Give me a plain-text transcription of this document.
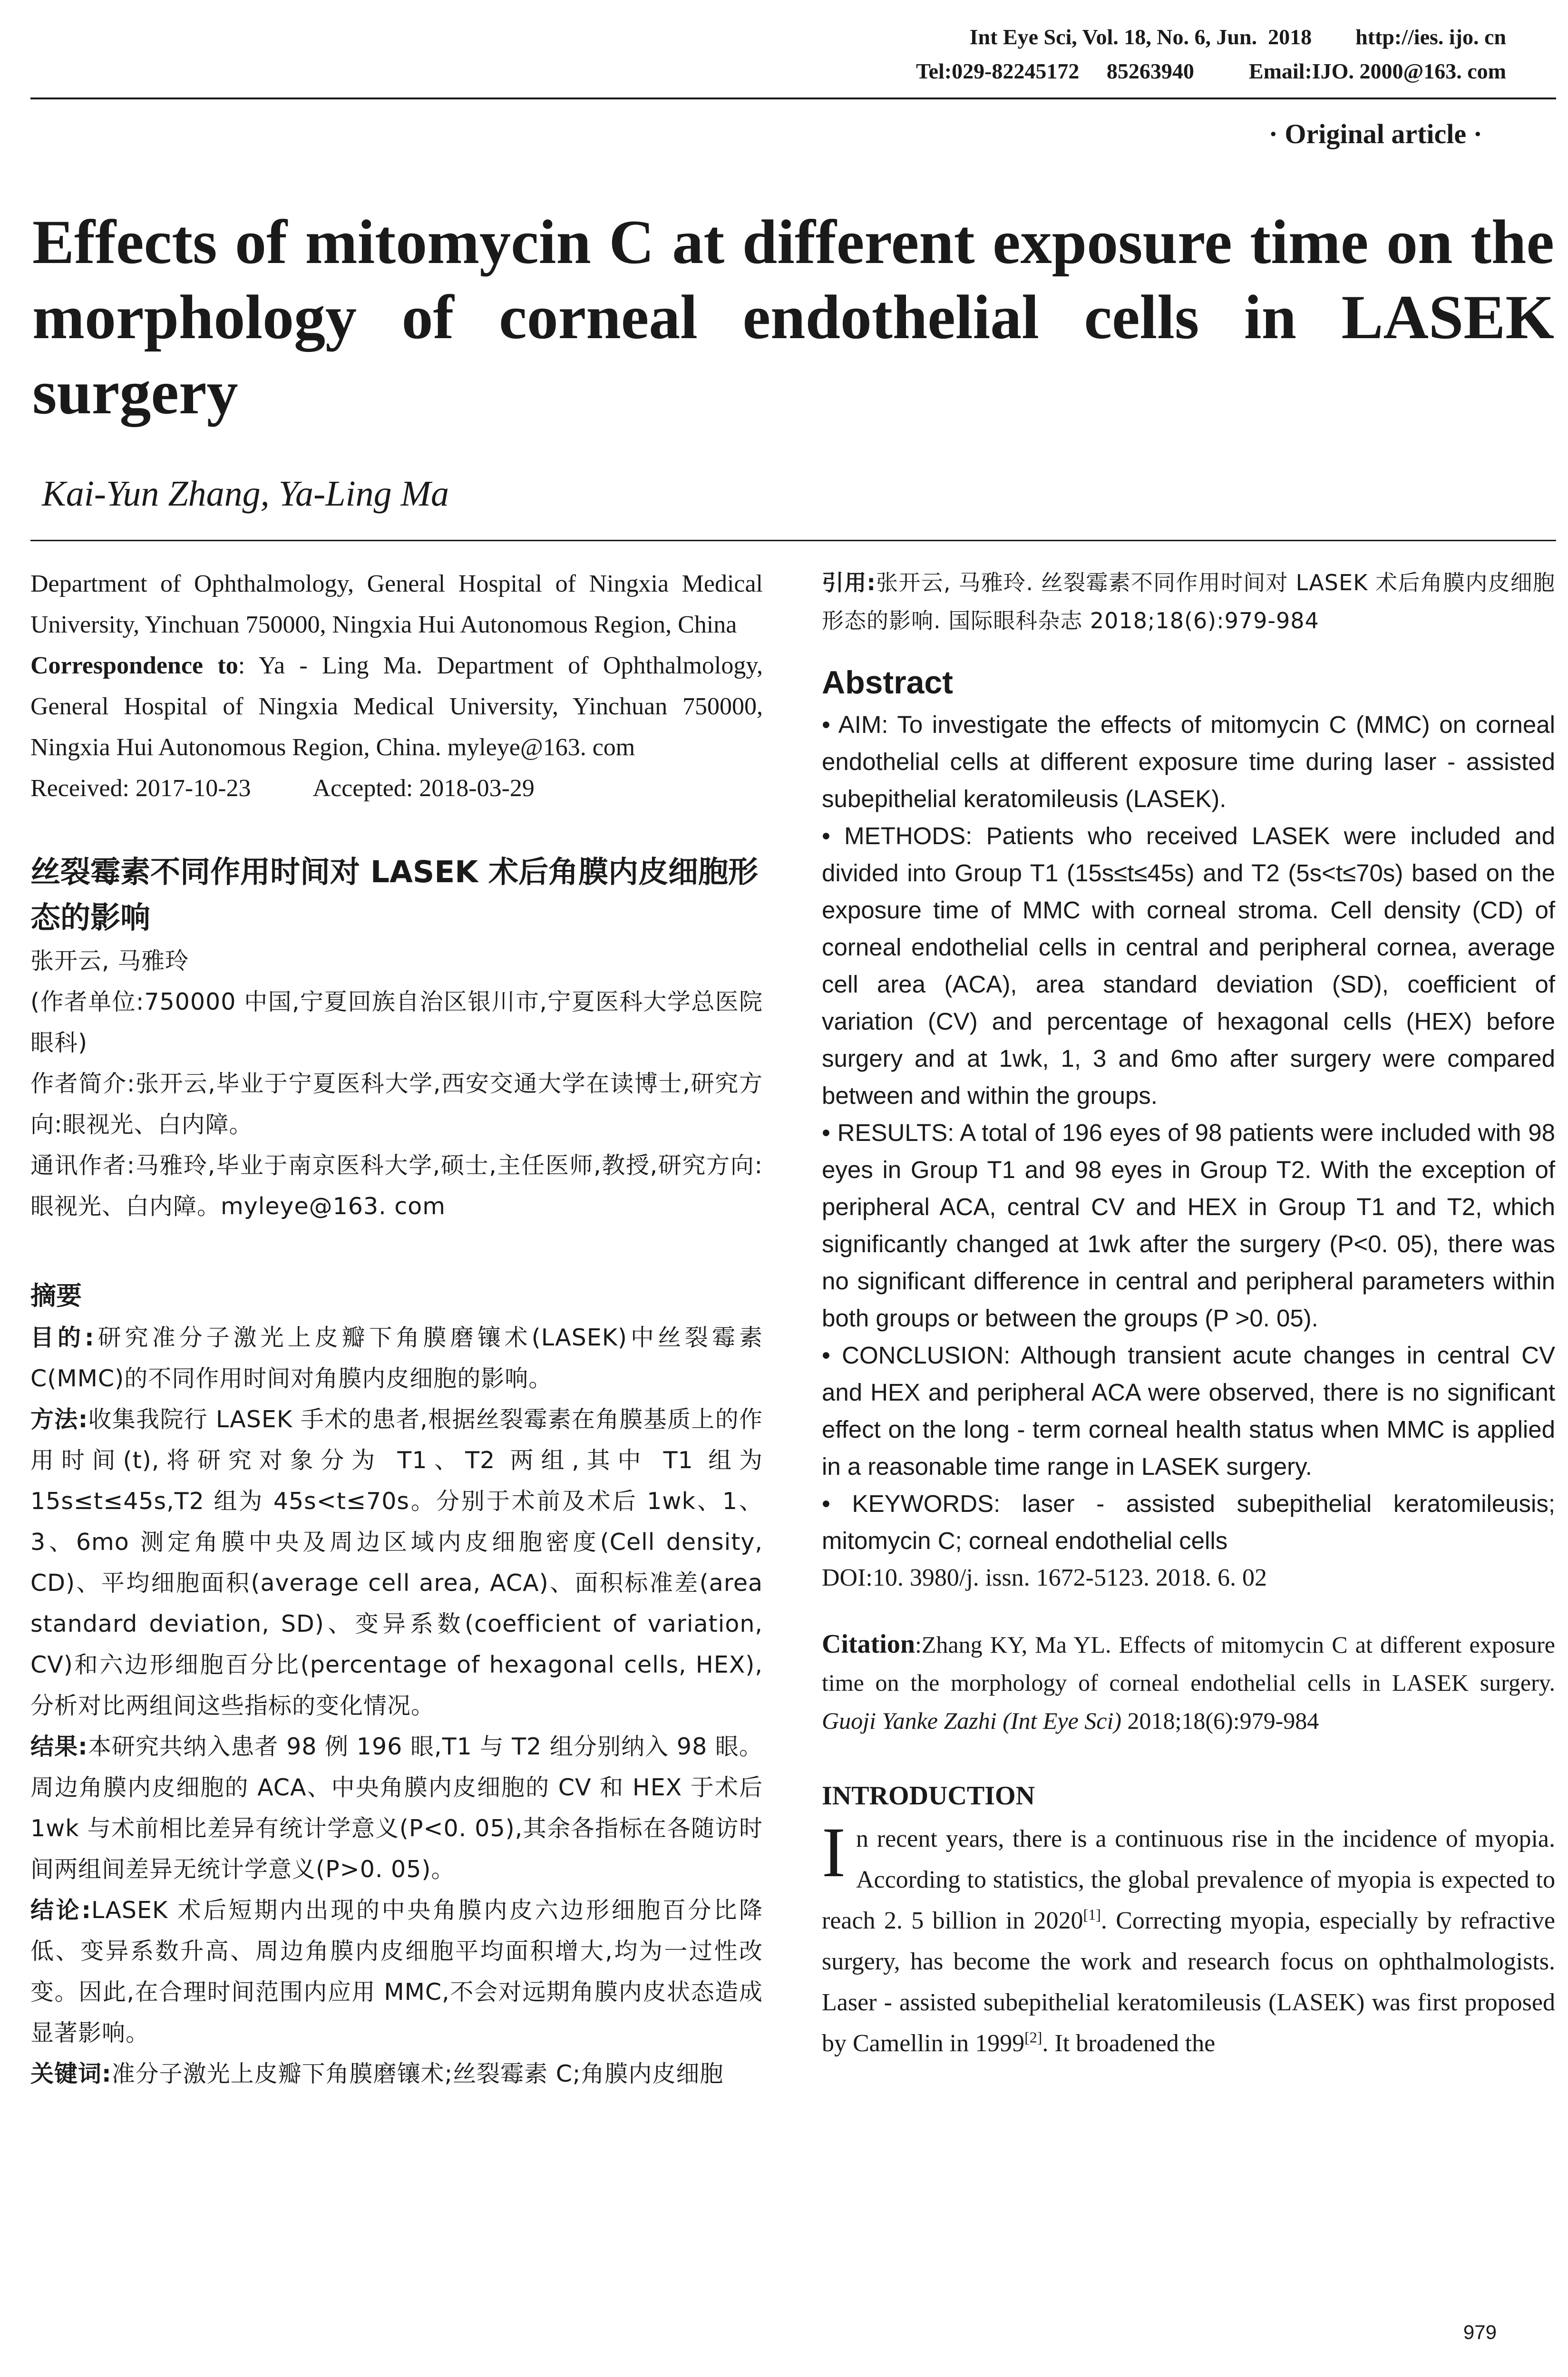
Int Eye Sci, Vol. 18, No. 6, Jun.  2018        http://ies. ijo. cn
Tel:029-82245172     85263940          Email:IJO. 2000@163. com
· Original article ·
Effects of mitomycin C at different exposure time on the morphology of corneal endothelial cells in LASEK surgery
Kai-Yun Zhang, Ya-Ling Ma
Department of Ophthalmology, General Hospital of Ningxia Medical University, Yinchuan 750000, Ningxia Hui Autonomous Region, China
Correspondence to: Ya - Ling Ma. Department of Ophthalmology, General Hospital of Ningxia Medical University, Yinchuan 750000, Ningxia Hui Autonomous Region, China. myleye@163. com
Received: 2017-10-23	Accepted: 2018-03-29
丝裂霉素不同作用时间对 LASEK 术后角膜内皮细胞形态的影响
张开云, 马雅玲
(作者单位:750000 中国,宁夏回族自治区银川市,宁夏医科大学总医院眼科)
作者简介:张开云,毕业于宁夏医科大学,西安交通大学在读博士,研究方向:眼视光、白内障。
通讯作者:马雅玲,毕业于南京医科大学,硕士,主任医师,教授,研究方向:眼视光、白内障。myleye@163. com
摘要
目的:研究准分子激光上皮瓣下角膜磨镶术(LASEK)中丝裂霉素 C(MMC)的不同作用时间对角膜内皮细胞的影响。
方法:收集我院行 LASEK 手术的患者,根据丝裂霉素在角膜基质上的作用时间(t),将研究对象分为 T1、T2 两组,其中 T1 组为 15s≤t≤45s,T2 组为 45s<t≤70s。分别于术前及术后 1wk、1、3、6mo 测定角膜中央及周边区域内皮细胞密度(Cell density, CD)、平均细胞面积(average cell area, ACA)、面积标准差(area standard deviation, SD)、变异系数(coefficient of variation, CV)和六边形细胞百分比(percentage of hexagonal cells, HEX),分析对比两组间这些指标的变化情况。
结果:本研究共纳入患者 98 例 196 眼,T1 与 T2 组分别纳入 98 眼。周边角膜内皮细胞的 ACA、中央角膜内皮细胞的 CV 和 HEX 于术后 1wk 与术前相比差异有统计学意义(P<0. 05),其余各指标在各随访时间两组间差异无统计学意义(P>0. 05)。
结论:LASEK 术后短期内出现的中央角膜内皮六边形细胞百分比降低、变异系数升高、周边角膜内皮细胞平均面积增大,均为一过性改变。因此,在合理时间范围内应用 MMC,不会对远期角膜内皮状态造成显著影响。
关键词:准分子激光上皮瓣下角膜磨镶术;丝裂霉素 C;角膜内皮细胞
引用:张开云, 马雅玲. 丝裂霉素不同作用时间对 LASEK 术后角膜内皮细胞形态的影响. 国际眼科杂志 2018;18(6):979-984
Abstract
• AIM: To investigate the effects of mitomycin C (MMC) on corneal endothelial cells at different exposure time during laser - assisted subepithelial keratomileusis (LASEK).
• METHODS: Patients who received LASEK were included and divided into Group T1 (15s≤t≤45s) and T2 (5s<t≤70s) based on the exposure time of MMC with corneal stroma. Cell density (CD) of corneal endothelial cells in central and peripheral cornea, average cell area (ACA), area standard deviation (SD), coefficient of variation (CV) and percentage of hexagonal cells (HEX) before surgery and at 1wk, 1, 3 and 6mo after surgery were compared between and within the groups.
• RESULTS: A total of 196 eyes of 98 patients were included with 98 eyes in Group T1 and 98 eyes in Group T2. With the exception of peripheral ACA, central CV and HEX in Group T1 and T2, which significantly changed at 1wk after the surgery (P<0. 05), there was no significant difference in central and peripheral parameters within both groups or between the groups (P >0. 05).
• CONCLUSION: Although transient acute changes in central CV and HEX and peripheral ACA were observed, there is no significant effect on the long - term corneal health status when MMC is applied in a reasonable time range in LASEK surgery.
• KEYWORDS: laser - assisted subepithelial keratomileusis; mitomycin C; corneal endothelial cells
DOI:10. 3980/j. issn. 1672-5123. 2018. 6. 02
Citation:Zhang KY, Ma YL. Effects of mitomycin C at different exposure time on the morphology of corneal endothelial cells in LASEK surgery. Guoji Yanke Zazhi (Int Eye Sci) 2018;18(6):979-984
INTRODUCTION
In recent years, there is a continuous rise in the incidence of myopia. According to statistics, the global prevalence of myopia is expected to reach 2. 5 billion in 2020[1]. Correcting myopia, especially by refractive surgery, has become the work and research focus on ophthalmologists. Laser - assisted subepithelial keratomileusis (LASEK) was first proposed by Camellin in 1999[2]. It broadened the
979
